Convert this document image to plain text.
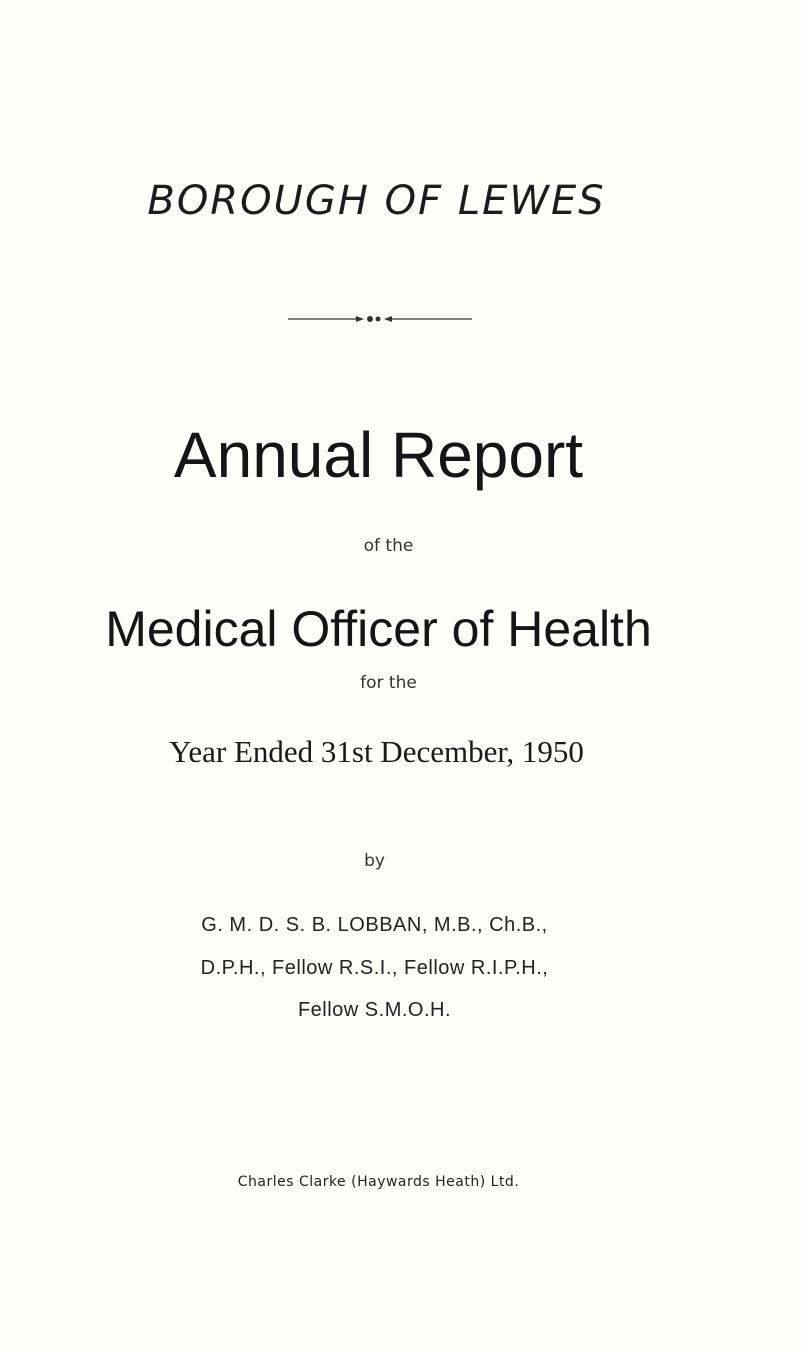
BOROUGH OF LEWES
Annual Report
of the
Medical Officer of Health
for the
Year Ended 31st December, 1950
by
G. M. D. S. B. LOBBAN, M.B., Ch.B.,
D.P.H., Fellow R.S.I., Fellow R.I.P.H.,
Fellow S.M.O.H.
Charles Clarke (Haywards Heath) Ltd.
